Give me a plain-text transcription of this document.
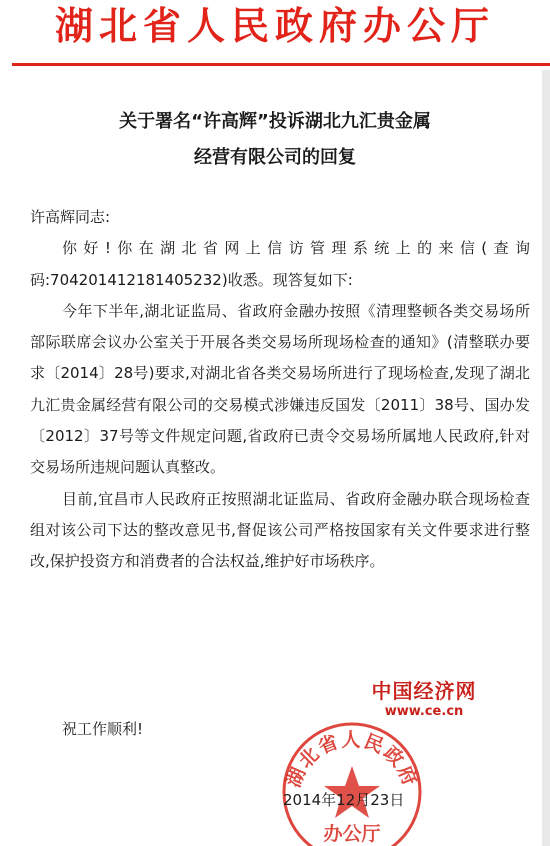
湖北省人民政府办公厅
关于署名“许高辉”投诉湖北九汇贵金属
经营有限公司的回复

许高辉同志:

你好!你在湖北省网上信访管理系统上的来信(查询码:704201412181405232)收悉。现答复如下:

今年下半年,湖北证监局、省政府金融办按照《清理整顿各类交易场所部际联席会议办公室关于开展各类交易场所现场检查的通知》(清整联办要求〔2014〕28号)要求,对湖北省各类交易场所进行了现场检查,发现了湖北九汇贵金属经营有限公司的交易模式涉嫌违反国发〔2011〕38号、国办发〔2012〕37号等文件规定问题,省政府已责令交易场所属地人民政府,针对交易场所违规问题认真整改。

目前,宜昌市人民政府正按照湖北证监局、省政府金融办联合现场检查组对该公司下达的整改意见书,督促该公司严格按国家有关文件要求进行整改,保护投资方和消费者的合法权益,维护好市场秩序。

祝工作顺利!
中国经济网
www.ce.cn
湖北省人民政府
办公厅
2014年12月23日
